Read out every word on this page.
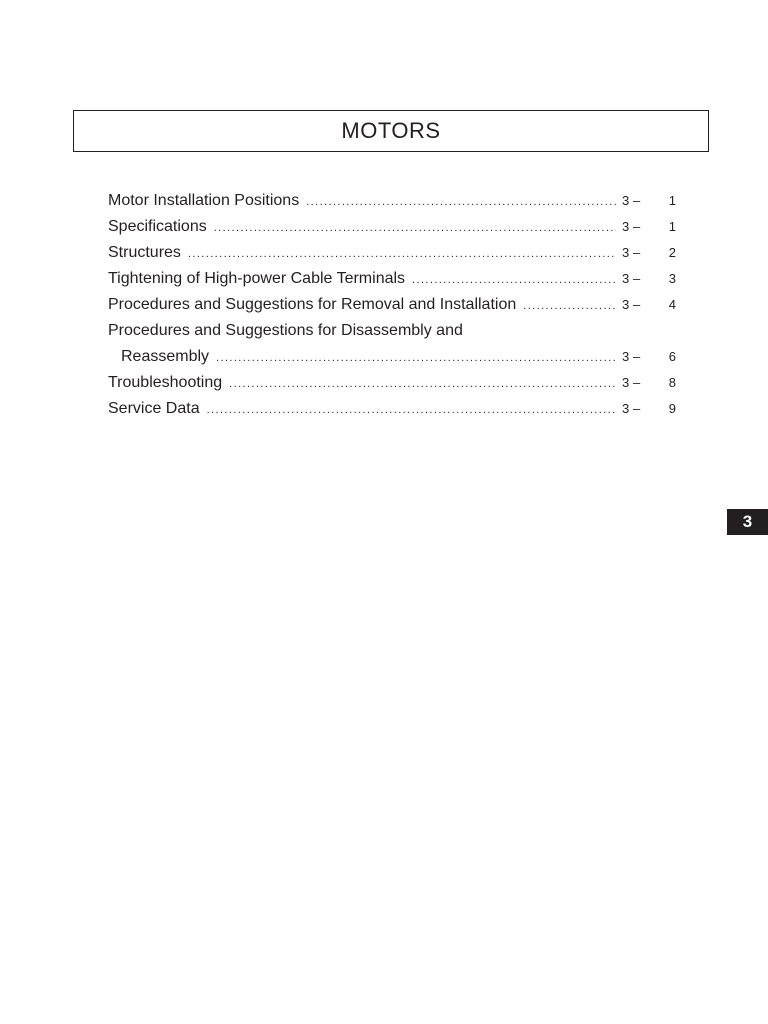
MOTORS
Motor Installation Positions .....	3 –	1
Specifications .....	3 –	1
Structures .....	3 –	2
Tightening of High-power Cable Terminals .....	3 –	3
Procedures and Suggestions for Removal and Installation .....	3 –	4
Procedures and Suggestions for Disassembly and
Reassembly .....	3 –	6
Troubleshooting .....	3 –	8
Service Data .....	3 –	9
3
